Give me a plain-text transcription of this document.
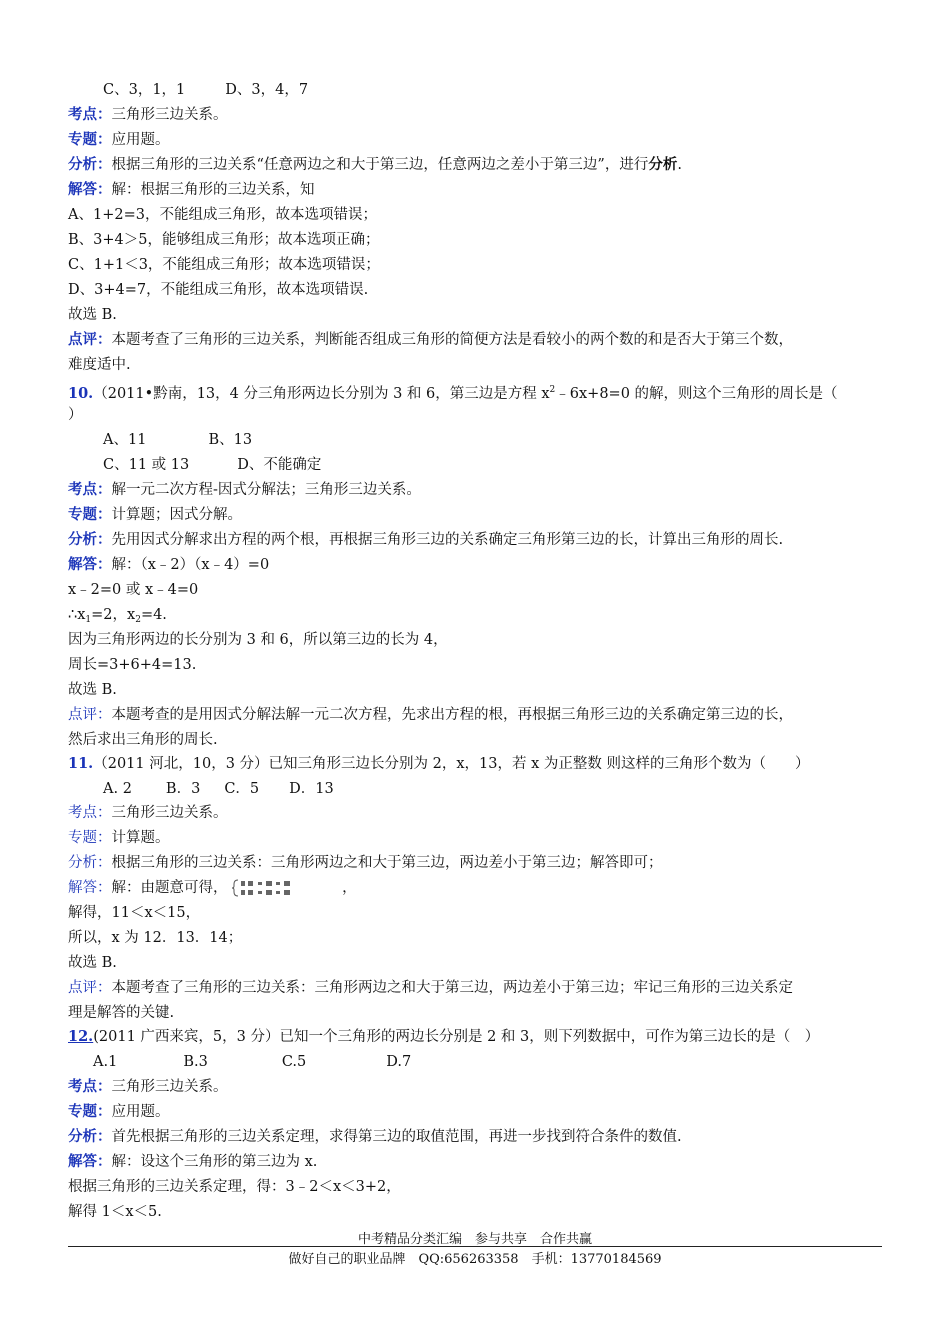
C、3，1，1	D、3，4，7
考点：三角形三边关系。
专题：应用题。
分析：根据三角形的三边关系“任意两边之和大于第三边，任意两边之差小于第三边”，进行分析.
解答：解：根据三角形的三边关系，知
A、1+2=3，不能组成三角形，故本选项错误；
B、3+4＞5，能够组成三角形；故本选项正确；
C、1+1＜3，不能组成三角形；故本选项错误；
D、3+4=7，不能组成三角形，故本选项错误.
故选 B.
点评：本题考查了三角形的三边关系，判断能否组成三角形的简便方法是看较小的两个数的和是否大于第三个数，
难度适中.
10.（2011•黔南，13，4 分三角形两边长分别为 3 和 6，第三边是方程 $x^2﹣6x+8=0$ 的解，则这个三角形的周长是（
）
A、11	B、13
C、11 或 13	D、不能确定
考点：解一元二次方程-因式分解法；三角形三边关系。
专题：计算题；因式分解。
分析：先用因式分解求出方程的两个根，再根据三角形三边的关系确定三角形第三边的长，计算出三角形的周长.
解答：解：（x﹣2）（x﹣4）=0
x﹣2=0 或 x﹣4=0
$\therefore x_1=2$，$x_2=4$.
因为三角形两边的长分别为 3 和 6，所以第三边的长为 4，
周长=3+6+4=13.
故选 B.
点评：本题考查的是用因式分解法解一元二次方程，先求出方程的根，再根据三角形三边的关系确定第三边的长，
然后求出三角形的周长.
11.（2011 河北，10，3 分）已知三角形三边长分别为 2，x，13，若 x 为正整数 则这样的三角形个数为（　　）
A. 2 B．3 C．5 D．13
考点：三角形三边关系。
专题：计算题。
分析：根据三角形的三边关系：三角形两边之和大于第三边，两边差小于第三边；解答即可；
解答：解：由题意可得，	，
解得，11＜x＜15，
所以，x 为 12．13．14；
故选 B.
点评：本题考查了三角形的三边关系：三角形两边之和大于第三边，两边差小于第三边；牢记三角形的三边关系定
理是解答的关键.
12.(2011 广西来宾，5，3 分）已知一个三角形的两边长分别是 2 和 3，则下列数据中，可作为第三边长的是（　）
A.1	B.3	C.5	D.7
考点：三角形三边关系。
专题：应用题。
分析：首先根据三角形的三边关系定理，求得第三边的取值范围，再进一步找到符合条件的数值.
解答：解：设这个三角形的第三边为 x.
根据三角形的三边关系定理，得：3﹣2＜x＜3+2，
解得 1＜x＜5.
中考精品分类汇编　参与共享　合作共赢
做好自己的职业品牌　QQ:656263358　手机：13770184569
